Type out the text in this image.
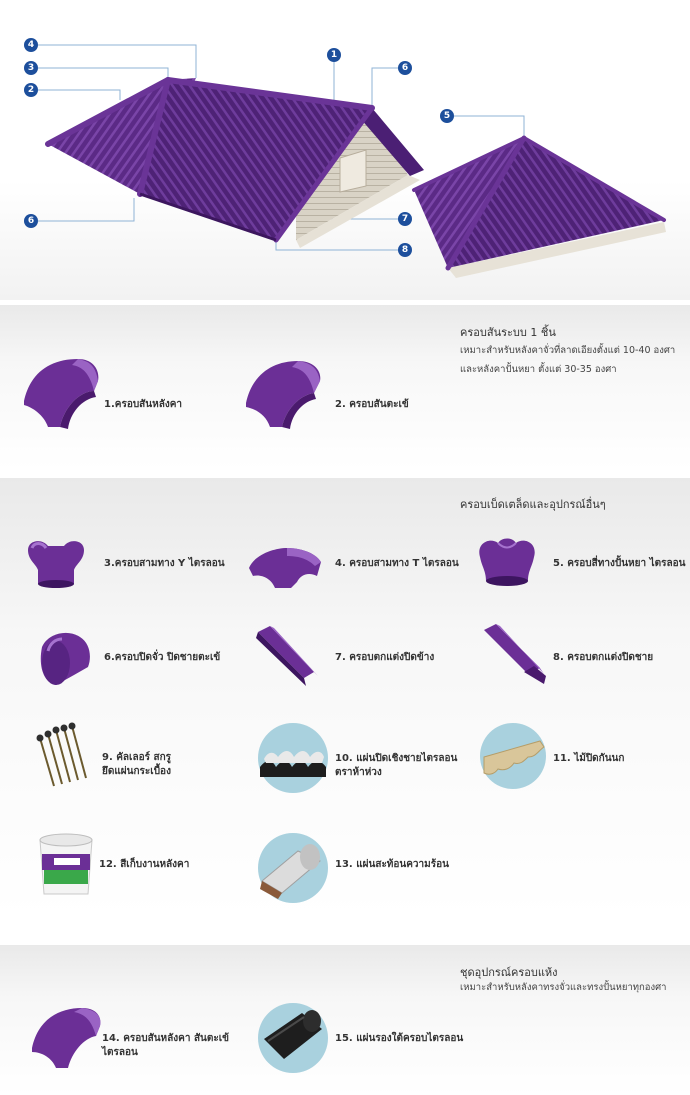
4
3
2
6
1
6
7
8
5
ครอบสันระบบ 1 ชิ้น
เหมาะสำหรับหลังคาจั่วที่ลาดเอียงตั้งแต่ 10-40 องศา
และหลังคาปั้นหยา ตั้งแต่ 30-35 องศา
1.ครอบสันหลังคา	2. ครอบสันตะเข้
ครอบเบ็ดเตล็ดและอุปกรณ์อื่นๆ
3.ครอบสามทาง Y ไตรลอน	4. ครอบสามทาง T ไตรลอน	5. ครอบสี่ทางปั้นหยา ไตรลอน
6.ครอบปิดจั่ว ปิดชายตะเข้	7. ครอบตกแต่งปิดข้าง	8. ครอบตกแต่งปิดชาย
9. คัลเลอร์ สกรู
ยึดแผ่นกระเบื้อง
10. แผ่นปิดเชิงชายไตรลอน
ตราห้าห่วง
11. ไม้ปิดกันนก
12. สีเก็บงานหลังคา	13. แผ่นสะท้อนความร้อน
ชุดอุปกรณ์ครอบแห้ง
เหมาะสำหรับหลังคาทรงจั่วและทรงปั้นหยาทุกองศา
14. ครอบสันหลังคา สันตะเข้
ไตรลอน
15. แผ่นรองใต้ครอบไตรลอน
